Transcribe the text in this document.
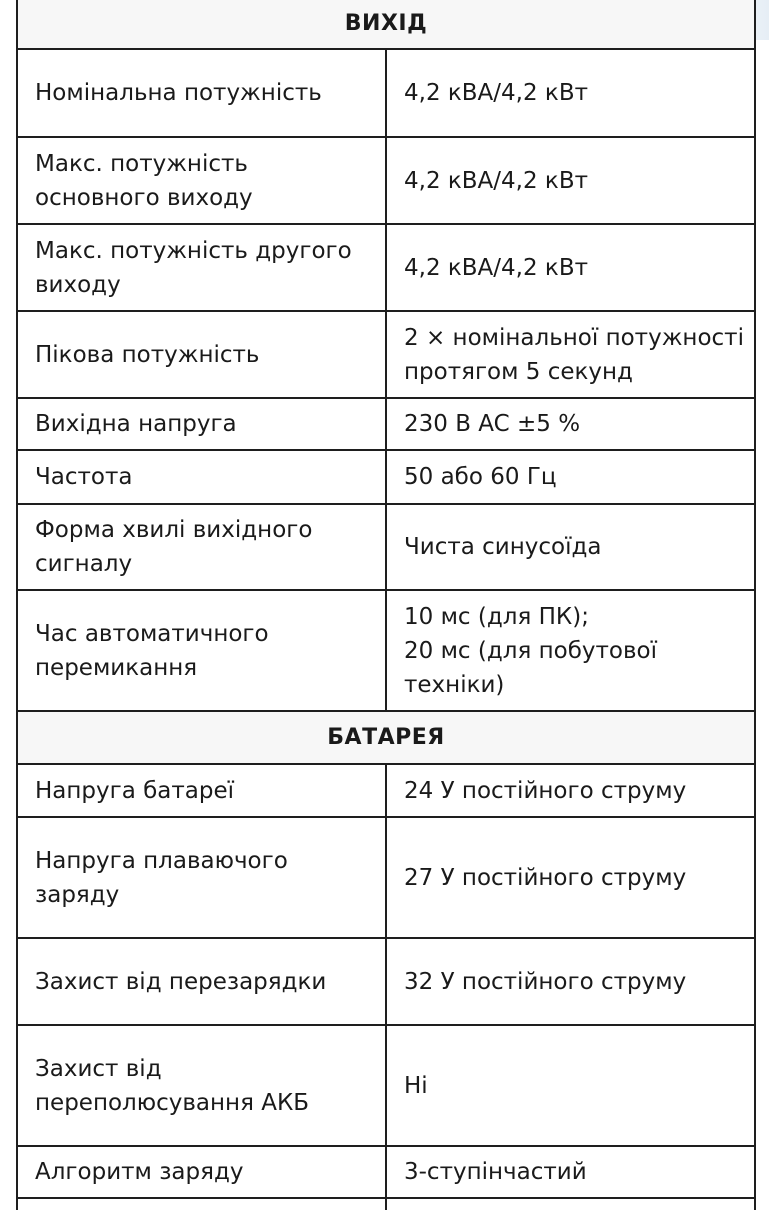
ВИХІД	
Номінальна потужність	4,2 кВА/4,2 кВт
Макс. потужність основного виходу	4,2 кВА/4,2 кВт
Макс. потужність другого виходу	4,2 кВА/4,2 кВт
Пікова потужність	2 × номінальної потужності протягом 5 секунд
Вихідна напруга	230 В AC ±5 %
Частота	50 або 60 Гц
Форма хвилі вихідного сигналу	Чиста синусоїда
Час автоматичного перемикання	10 мс (для ПК);
20 мс (для побутової техніки)
БАТАРЕЯ	
Напруга батареї	24 У постійного струму
Напруга плаваючого заряду	27 У постійного струму
Захист від перезарядки	32 У постійного струму
Захист від переполюсування АКБ	Ні
Алгоритм заряду	3-ступінчастий
